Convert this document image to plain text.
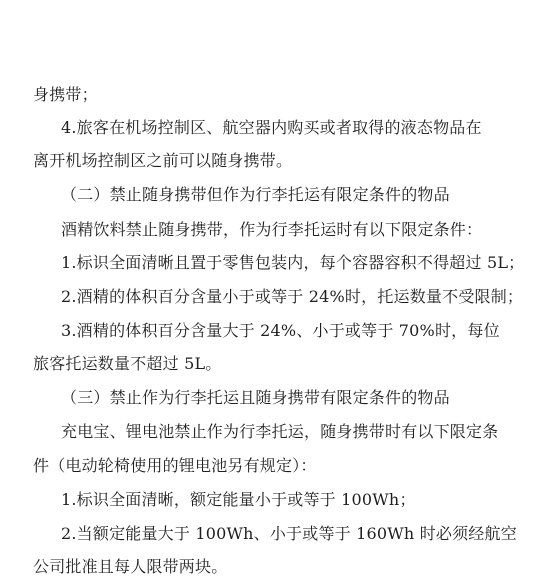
身携带；
4.旅客在机场控制区、航空器内购买或者取得的液态物品在
离开机场控制区之前可以随身携带。
（二）禁止随身携带但作为行李托运有限定条件的物品
酒精饮料禁止随身携带，作为行李托运时有以下限定条件：
1.标识全面清晰且置于零售包装内，每个容器容积不得超过 5L；
2.酒精的体积百分含量小于或等于 24%时，托运数量不受限制；
3.酒精的体积百分含量大于 24%、小于或等于 70%时，每位
旅客托运数量不超过 5L。
（三）禁止作为行李托运且随身携带有限定条件的物品
充电宝、锂电池禁止作为行李托运，随身携带时有以下限定条
件（电动轮椅使用的锂电池另有规定）：
1.标识全面清晰，额定能量小于或等于 100Wh；
2.当额定能量大于 100Wh、小于或等于 160Wh 时必须经航空
公司批准且每人限带两块。
